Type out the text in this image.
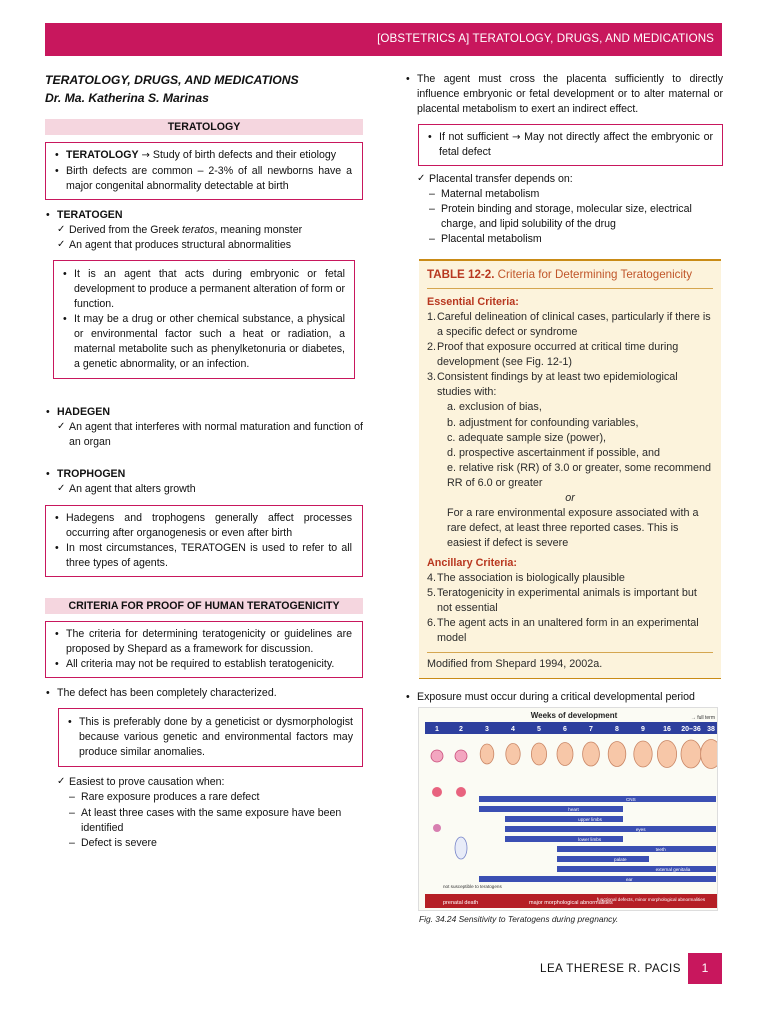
[OBSTETRICS A] TERATOLOGY, DRUGS, AND MEDICATIONS
TERATOLOGY, DRUGS, AND MEDICATIONS
Dr. Ma. Katherina S. Marinas
TERATOLOGY
• TERATOLOGY → Study of birth defects and their etiology
• Birth defects are common – 2-3% of all newborns have a major congenital abnormality detectable at birth
• TERATOGEN
✓ Derived from the Greek teratos, meaning monster
✓ An agent that produces structural abnormalities
• It is an agent that acts during embryonic or fetal development to produce a permanent alteration of form or function.
• It may be a drug or other chemical substance, a physical or environmental factor such a heat or radiation, a maternal metabolite such as phenylketonuria or diabetes, a genetic abnormality, or an infection.
• HADEGEN
✓ An agent that interferes with normal maturation and function of an organ
• TROPHOGEN
✓ An agent that alters growth
• Hadegens and trophogens generally affect processes occurring after organogenesis or even after birth
• In most circumstances, TERATOGEN is used to refer to all three types of agents.
CRITERIA FOR PROOF OF HUMAN TERATOGENICITY
• The criteria for determining teratogenicity or guidelines are proposed by Shepard as a framework for discussion.
• All criteria may not be required to establish teratogenicity.
• The defect has been completely characterized.
• This is preferably done by a geneticist or dysmorphologist because various genetic and environmental factors may produce similar anomalies.
✓ Easiest to prove causation when:
– Rare exposure produces a rare defect
– At least three cases with the same exposure have been identified
– Defect is severe
• The agent must cross the placenta sufficiently to directly influence embryonic or fetal development or to alter maternal or placental metabolism to exert an indirect effect.
• If not sufficient → May not directly affect the embryonic or fetal defect
✓ Placental transfer depends on:
– Maternal metabolism
– Protein binding and storage, molecular size, electrical charge, and lipid solubility of the drug
– Placental metabolism
TABLE 12-2. Criteria for Determining Teratogenicity
Essential Criteria:
1. Careful delineation of clinical cases, particularly if there is a specific defect or syndrome
2. Proof that exposure occurred at critical time during development (see Fig. 12-1)
3. Consistent findings by at least two epidemiological studies with:
a. exclusion of bias,
b. adjustment for confounding variables,
c. adequate sample size (power),
d. prospective ascertainment if possible, and
e. relative risk (RR) of 3.0 or greater, some recommend RR of 6.0 or greater
or
For a rare environmental exposure associated with a rare defect, at least three reported cases. This is easiest if defect is severe
Ancillary Criteria:
4. The association is biologically plausible
5. Teratogenicity in experimental animals is important but not essential
6. The agent acts in an unaltered form in an experimental model
Modified from Shepard 1994, 2002a.
• Exposure must occur during a critical developmental period
Weeks of development
1	2	3	4	5	6	7	8	9	16 20–36 38
→ full term
CNS
heart
upper limbs
eyes
lower limbs
teeth
palate
external genitalia
ear
prenatal death	major morphological abnormalities
functional defects, minor morphological abnormalities
not susceptible to teratogens
Fig. 34.24 Sensitivity to Teratogens during pregnancy.
LEA THERESE R. PACIS	1
